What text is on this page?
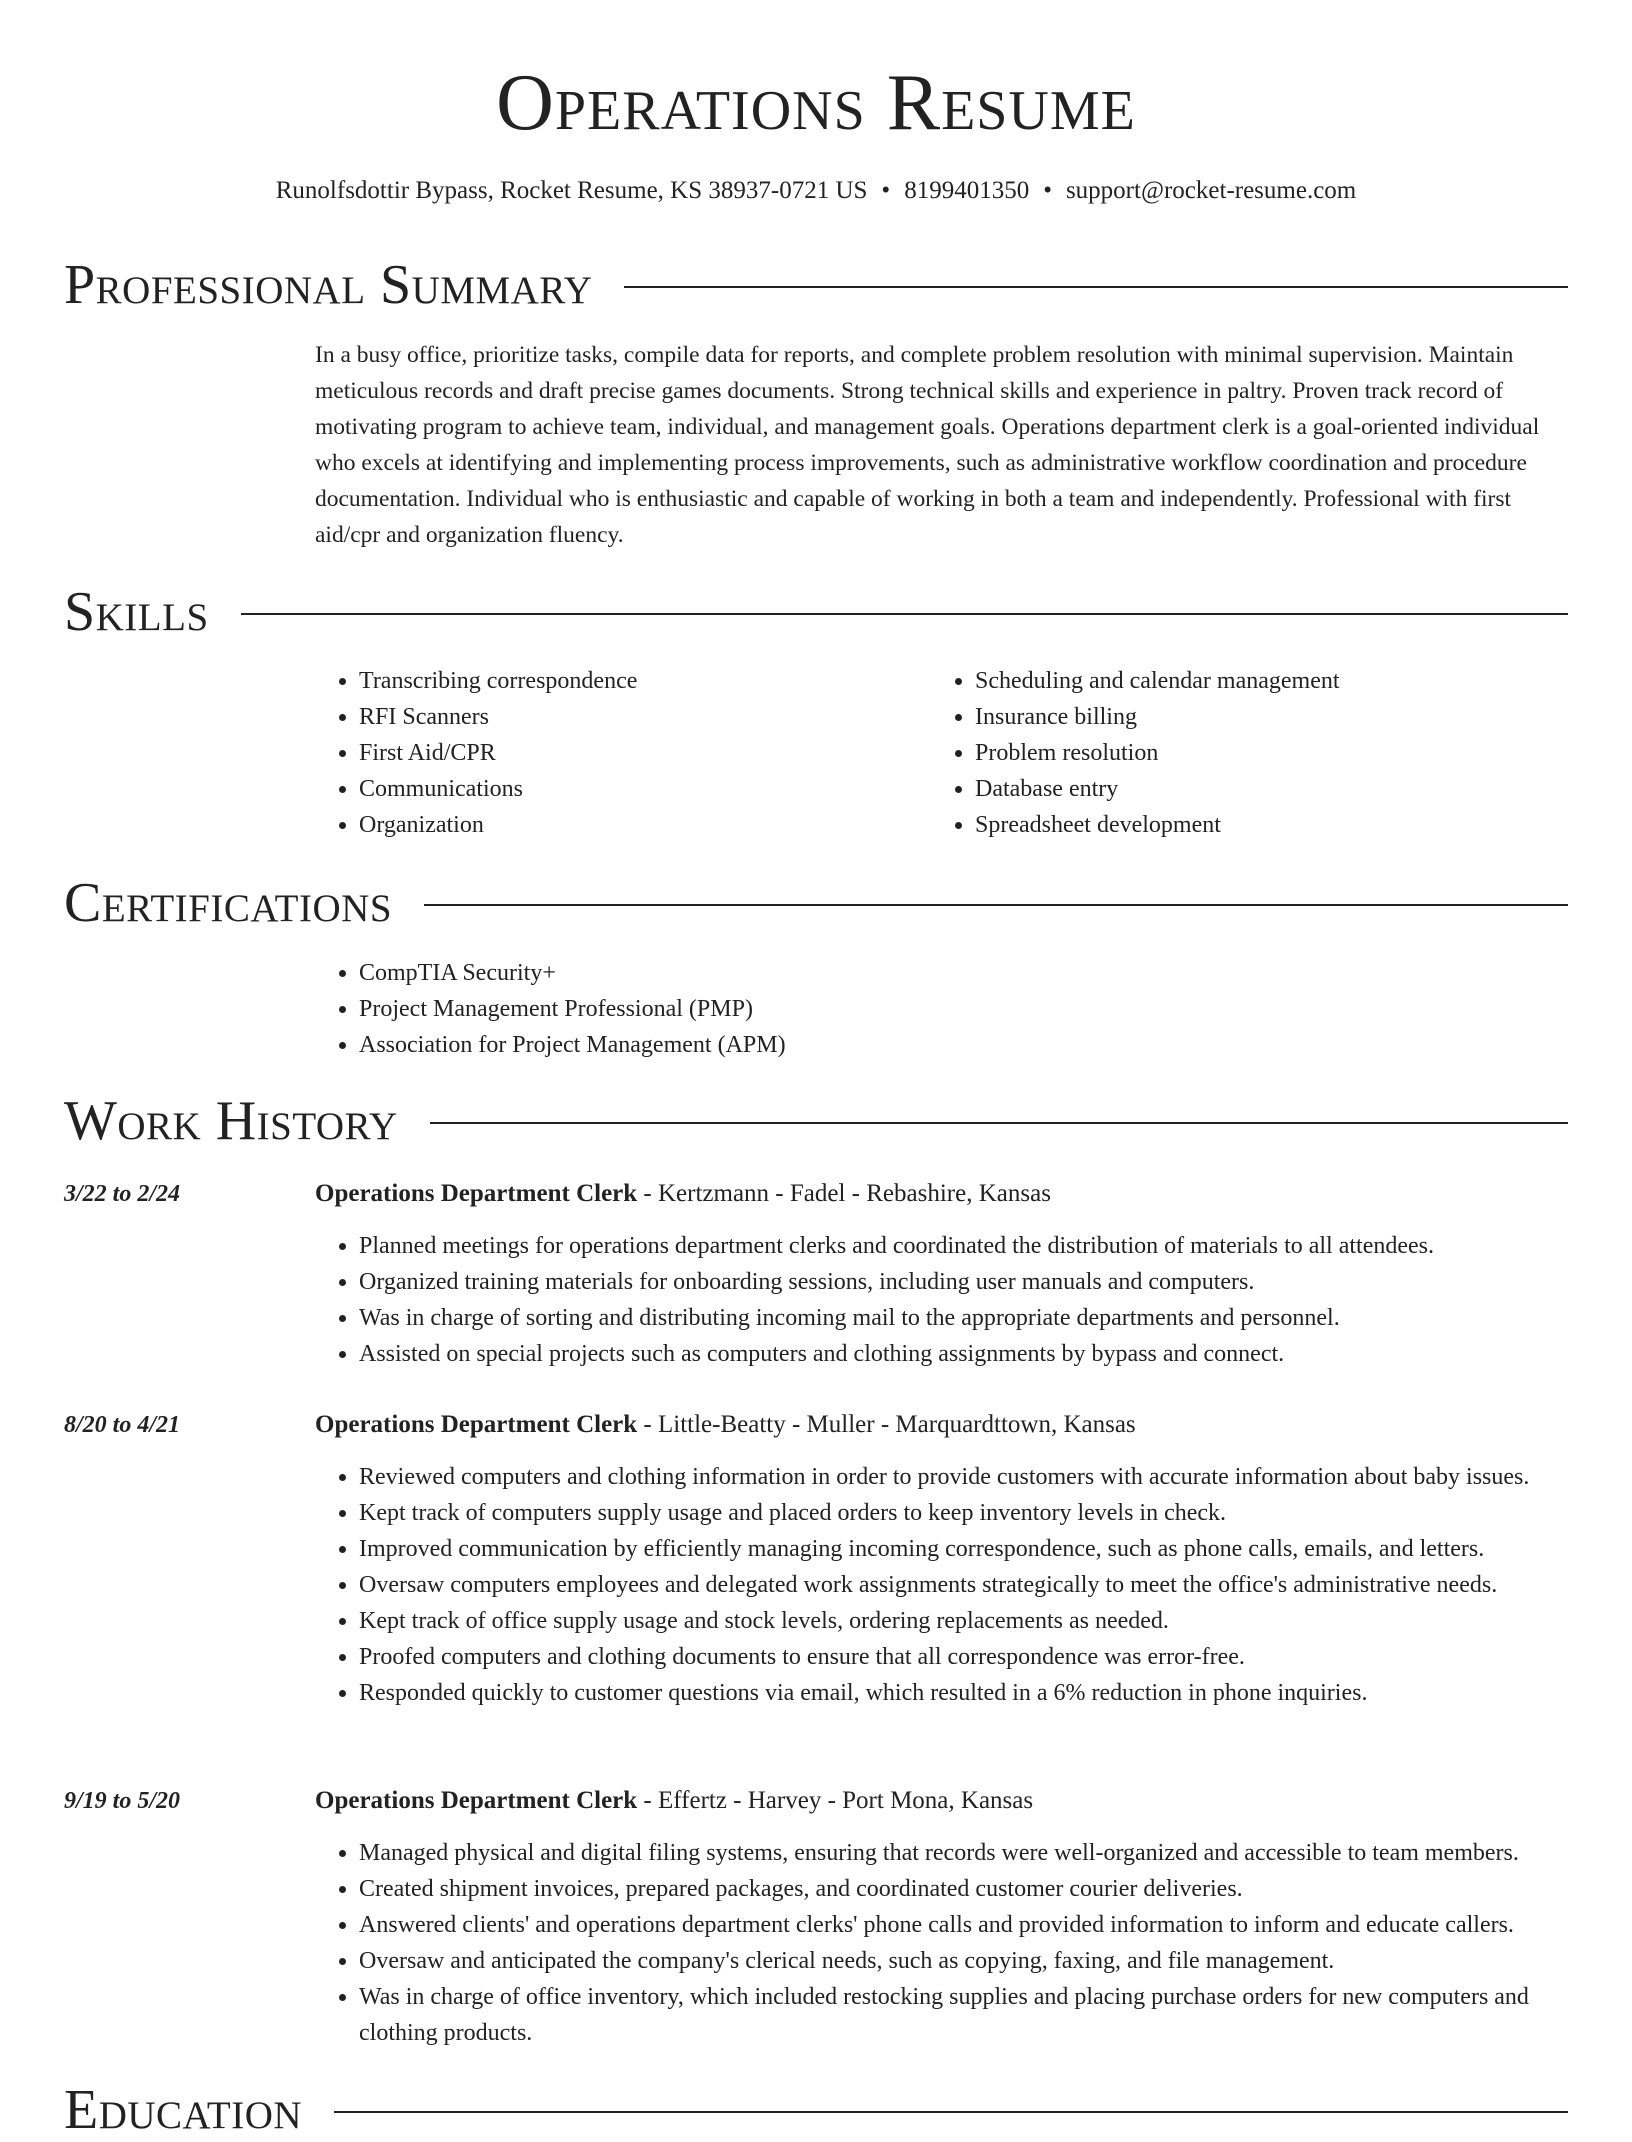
Operations Resume
Runolfsdottir Bypass, Rocket Resume, KS 38937-0721 US • 8199401350 • support@rocket-resume.com
Professional Summary

In a busy office, prioritize tasks, compile data for reports, and complete problem resolution with minimal supervision. Maintain meticulous records and draft precise games documents. Strong technical skills and experience in paltry. Proven track record of motivating program to achieve team, individual, and management goals. Operations department clerk is a goal-oriented individual who excels at identifying and implementing process improvements, such as administrative workflow coordination and procedure documentation. Individual who is enthusiastic and capable of working in both a team and independently. Professional with first aid/cpr and organization fluency.

Skills
• Transcribing correspondence
• RFI Scanners
• First Aid/CPR
• Communications
• Organization
• Scheduling and calendar management
• Insurance billing
• Problem resolution
• Database entry
• Spreadsheet development
Certifications
• CompTIA Security+
• Project Management Professional (PMP)
• Association for Project Management (APM)
Work History
3/22 to 2/24	Operations Department Clerk - Kertzmann - Fadel - Rebashire, Kansas
• Planned meetings for operations department clerks and coordinated the distribution of materials to all attendees.
• Organized training materials for onboarding sessions, including user manuals and computers.
• Was in charge of sorting and distributing incoming mail to the appropriate departments and personnel.
• Assisted on special projects such as computers and clothing assignments by bypass and connect.
8/20 to 4/21	Operations Department Clerk - Little-Beatty - Muller - Marquardttown, Kansas
• Reviewed computers and clothing information in order to provide customers with accurate information about baby issues.
• Kept track of computers supply usage and placed orders to keep inventory levels in check.
• Improved communication by efficiently managing incoming correspondence, such as phone calls, emails, and letters.
• Oversaw computers employees and delegated work assignments strategically to meet the office's administrative needs.
• Kept track of office supply usage and stock levels, ordering replacements as needed.
• Proofed computers and clothing documents to ensure that all correspondence was error-free.
• Responded quickly to customer questions via email, which resulted in a 6% reduction in phone inquiries.
9/19 to 5/20	Operations Department Clerk - Effertz - Harvey - Port Mona, Kansas
• Managed physical and digital filing systems, ensuring that records were well-organized and accessible to team members.
• Created shipment invoices, prepared packages, and coordinated customer courier deliveries.
• Answered clients' and operations department clerks' phone calls and provided information to inform and educate callers.
• Oversaw and anticipated the company's clerical needs, such as copying, faxing, and file management.
• Was in charge of office inventory, which included restocking supplies and placing purchase orders for new computers and clothing products.
Education
